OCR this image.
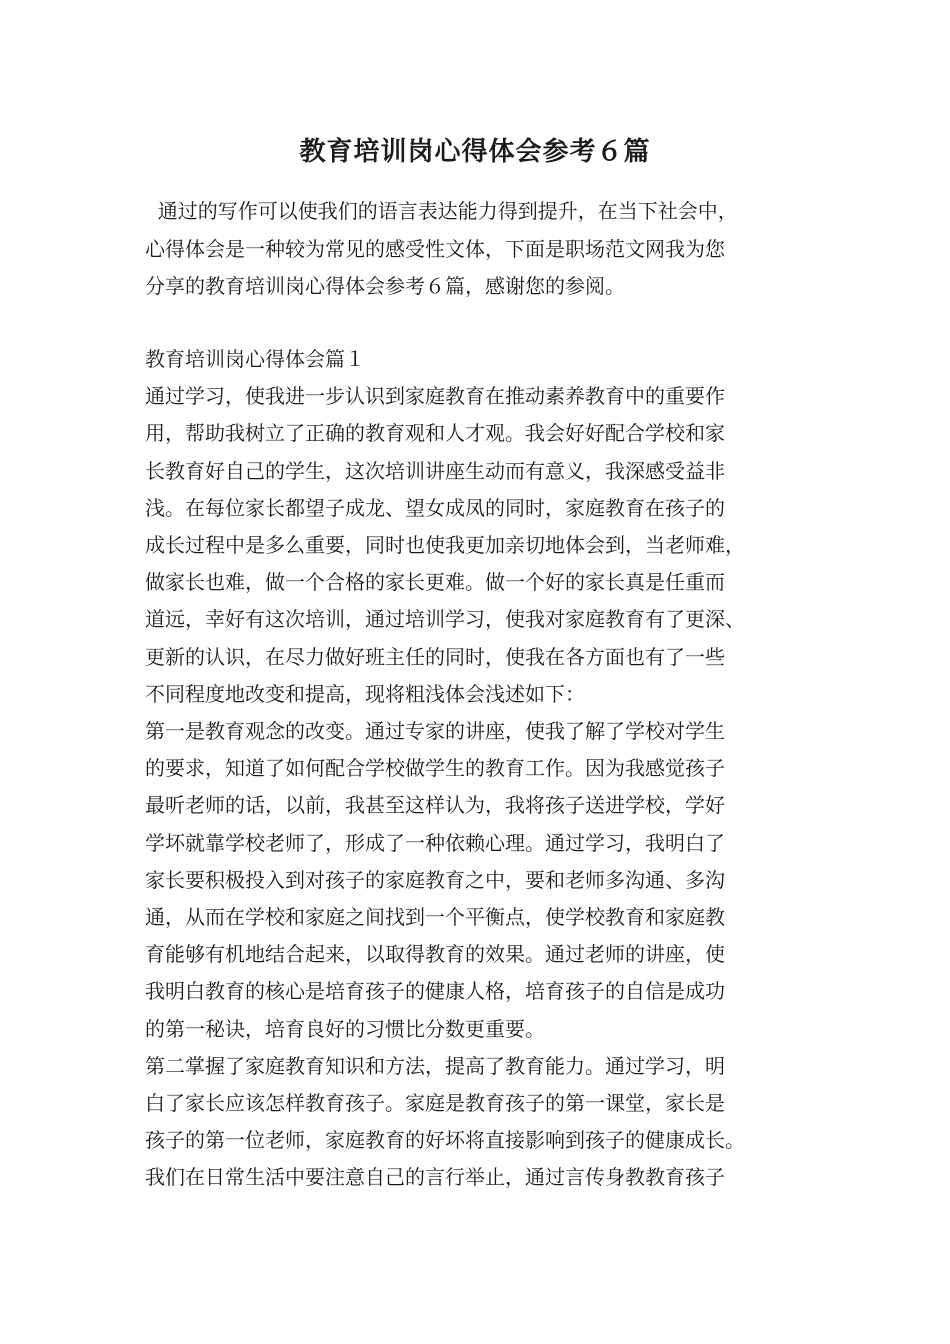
教育培训岗心得体会参考６篇

通过的写作可以使我们的语言表达能力得到提升，在当下社会中，
心得体会是一种较为常见的感受性文体，下面是职场范文网我为您
分享的教育培训岗心得体会参考６篇，感谢您的参阅。

教育培训岗心得体会篇１

通过学习，使我进一步认识到家庭教育在推动素养教育中的重要作
用，帮助我树立了正确的教育观和人才观。我会好好配合学校和家
长教育好自己的学生，这次培训讲座生动而有意义，我深感受益非
浅。在每位家长都望子成龙、望女成凤的同时，家庭教育在孩子的
成长过程中是多么重要，同时也使我更加亲切地体会到，当老师难，
做家长也难，做一个合格的家长更难。做一个好的家长真是任重而
道远，幸好有这次培训，通过培训学习，使我对家庭教育有了更深、
更新的认识，在尽力做好班主任的同时，使我在各方面也有了一些
不同程度地改变和提高，现将粗浅体会浅述如下：

第一是教育观念的改变。通过专家的讲座，使我了解了学校对学生
的要求，知道了如何配合学校做学生的教育工作。因为我感觉孩子
最听老师的话，以前，我甚至这样认为，我将孩子送进学校，学好
学坏就靠学校老师了，形成了一种依赖心理。通过学习，我明白了
家长要积极投入到对孩子的家庭教育之中，要和老师多沟通、多沟
通，从而在学校和家庭之间找到一个平衡点，使学校教育和家庭教
育能够有机地结合起来，以取得教育的效果。通过老师的讲座，使
我明白教育的核心是培育孩子的健康人格，培育孩子的自信是成功
的第一秘诀，培育良好的习惯比分数更重要。

第二掌握了家庭教育知识和方法，提高了教育能力。通过学习，明
白了家长应该怎样教育孩子。家庭是教育孩子的第一课堂，家长是
孩子的第一位老师，家庭教育的好坏将直接影响到孩子的健康成长。
我们在日常生活中要注意自己的言行举止，通过言传身教教育孩子
